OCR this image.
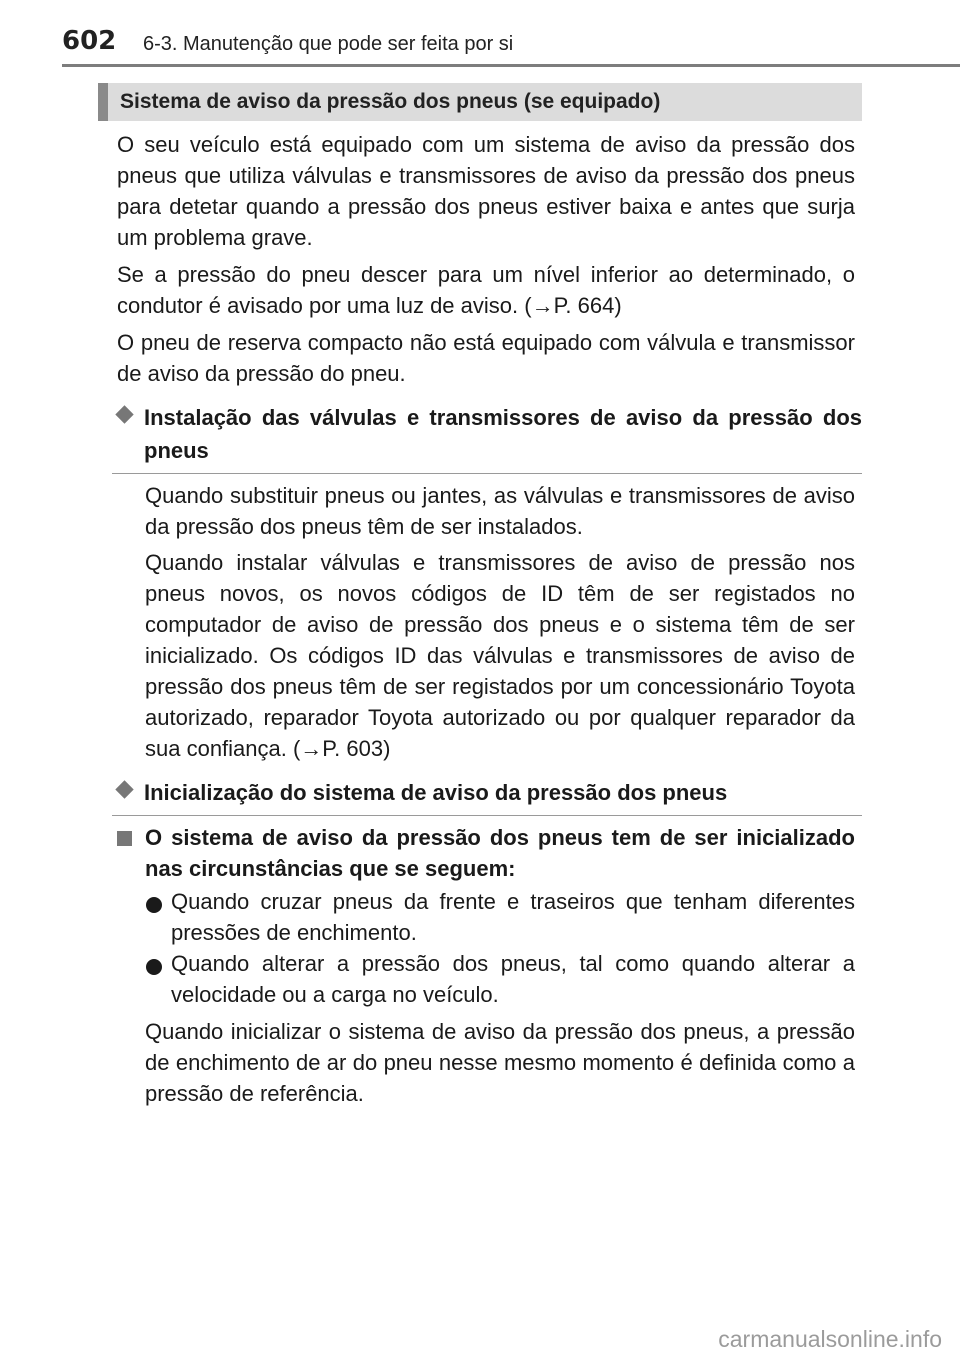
602 6-3. Manutenção que pode ser feita por si
Sistema de aviso da pressão dos pneus (se equipado)

O seu veículo está equipado com um sistema de aviso da pressão dos pneus que utiliza válvulas e transmissores de aviso da pressão dos pneus para detetar quando a pressão dos pneus estiver baixa e antes que surja um problema grave.

Se a pressão do pneu descer para um nível inferior ao determinado, o condutor é avisado por uma luz de aviso. (→P. 664)

O pneu de reserva compacto não está equipado com válvula e transmissor de aviso da pressão do pneu.

Instalação das válvulas e transmissores de aviso da pressão dos pneus

Quando substituir pneus ou jantes, as válvulas e transmissores de aviso da pressão dos pneus têm de ser instalados.

Quando instalar válvulas e transmissores de aviso de pressão nos pneus novos, os novos códigos de ID têm de ser registados no computador de aviso de pressão dos pneus e o sistema têm de ser inicializado. Os códigos ID das válvulas e transmissores de aviso de pressão dos pneus têm de ser registados por um concessionário Toyota autorizado, reparador Toyota autorizado ou por qualquer reparador da sua confiança. (→P. 603)

Inicialização do sistema de aviso da pressão dos pneus

O sistema de aviso da pressão dos pneus tem de ser inicializado nas circunstâncias que se seguem:

Quando cruzar pneus da frente e traseiros que tenham diferentes pressões de enchimento.

Quando alterar a pressão dos pneus, tal como quando alterar a velocidade ou a carga no veículo.

Quando inicializar o sistema de aviso da pressão dos pneus, a pressão de enchimento de ar do pneu nesse mesmo momento é definida como a pressão de referência.

carmanualsonline.info
